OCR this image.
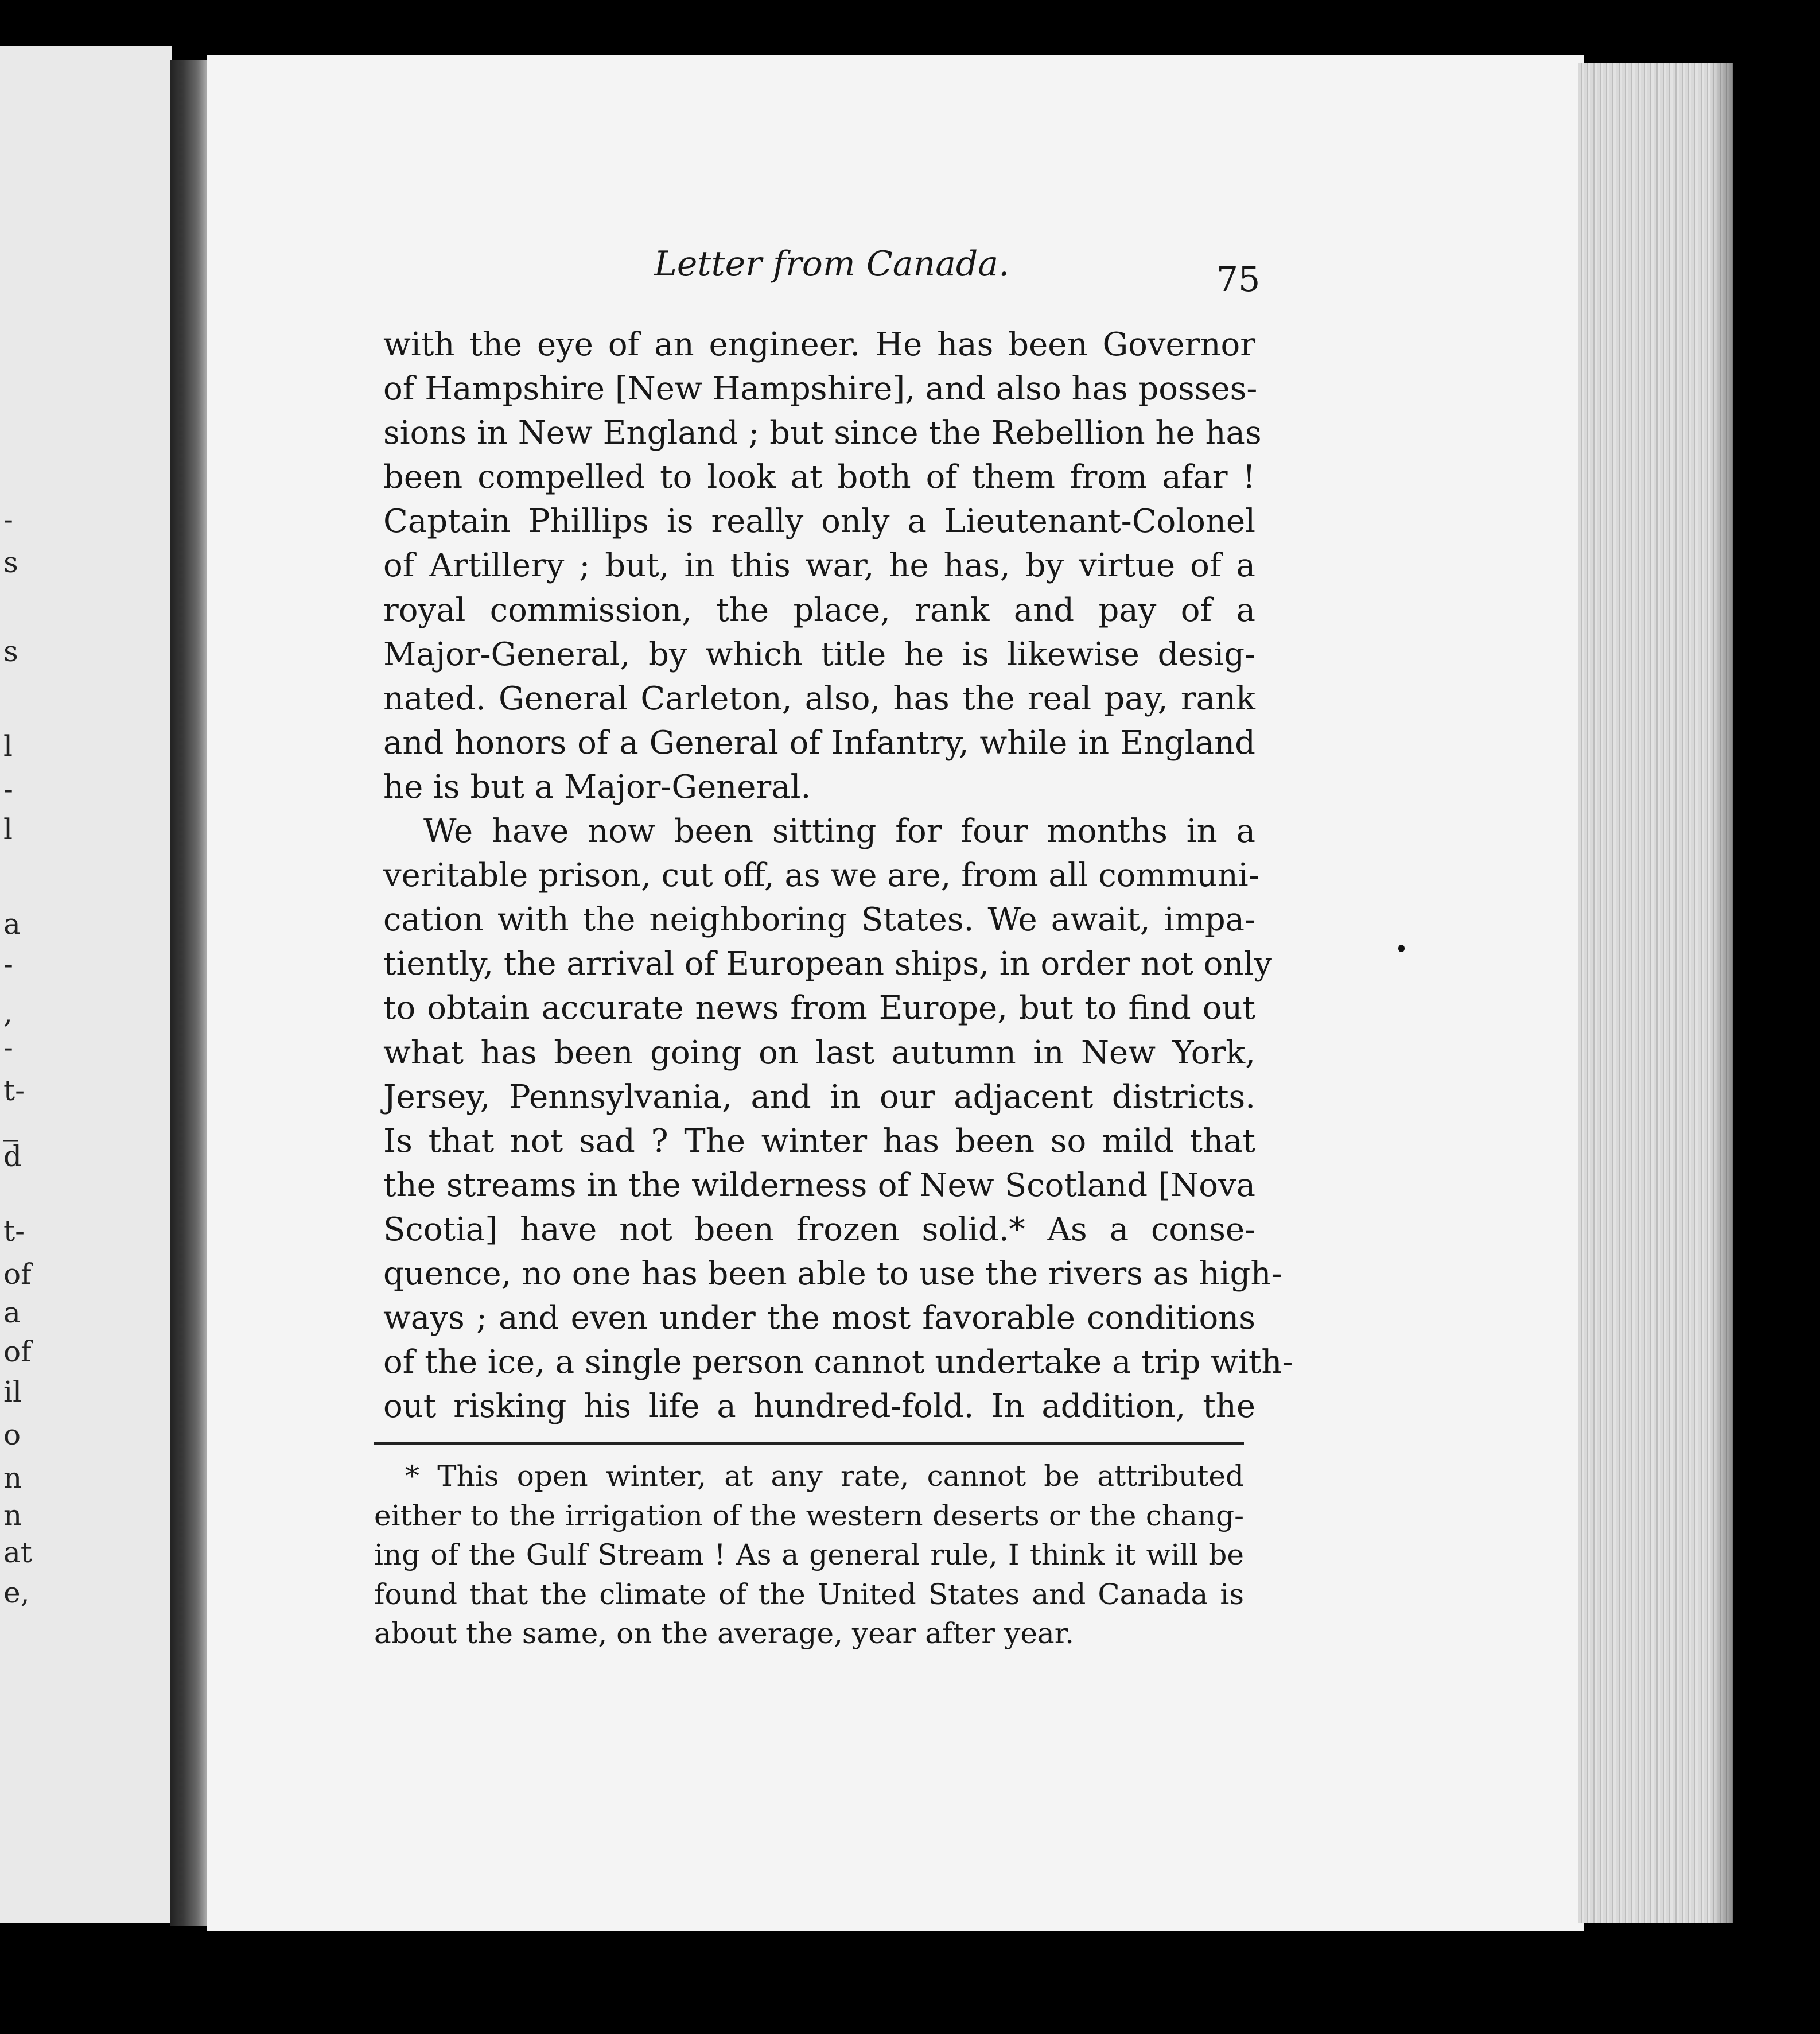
-
s
s
l
-
l
a
-
,
-
t-
_
d
t-
of
a
of
il
o
n
n
at
e,
Letter from Canada.	75
with the eye of an engineer. He has been Governor
of Hampshire [New Hampshire], and also has posses-
sions in New England ; but since the Rebellion he has
been compelled to look at both of them from afar !
Captain Phillips is really only a Lieutenant-Colonel
of Artillery ; but, in this war, he has, by virtue of a
royal commission, the place, rank and pay of a
Major-General, by which title he is likewise desig-
nated. General Carleton, also, has the real pay, rank
and honors of a General of Infantry, while in England
he is but a Major-General.
We have now been sitting for four months in a
veritable prison, cut off, as we are, from all communi-
cation with the neighboring States. We await, impa-
tiently, the arrival of European ships, in order not only
to obtain accurate news from Europe, but to find out
what has been going on last autumn in New York,
Jersey, Pennsylvania, and in our adjacent districts.
Is that not sad ? The winter has been so mild that
the streams in the wilderness of New Scotland [Nova
Scotia] have not been frozen solid.* As a conse-
quence, no one has been able to use the rivers as high-
ways ; and even under the most favorable conditions
of the ice, a single person cannot undertake a trip with-
out risking his life a hundred-fold. In addition, the
* This open winter, at any rate, cannot be attributed
either to the irrigation of the western deserts or the chang-
ing of the Gulf Stream ! As a general rule, I think it will be
found that the climate of the United States and Canada is
about the same, on the average, year after year.
